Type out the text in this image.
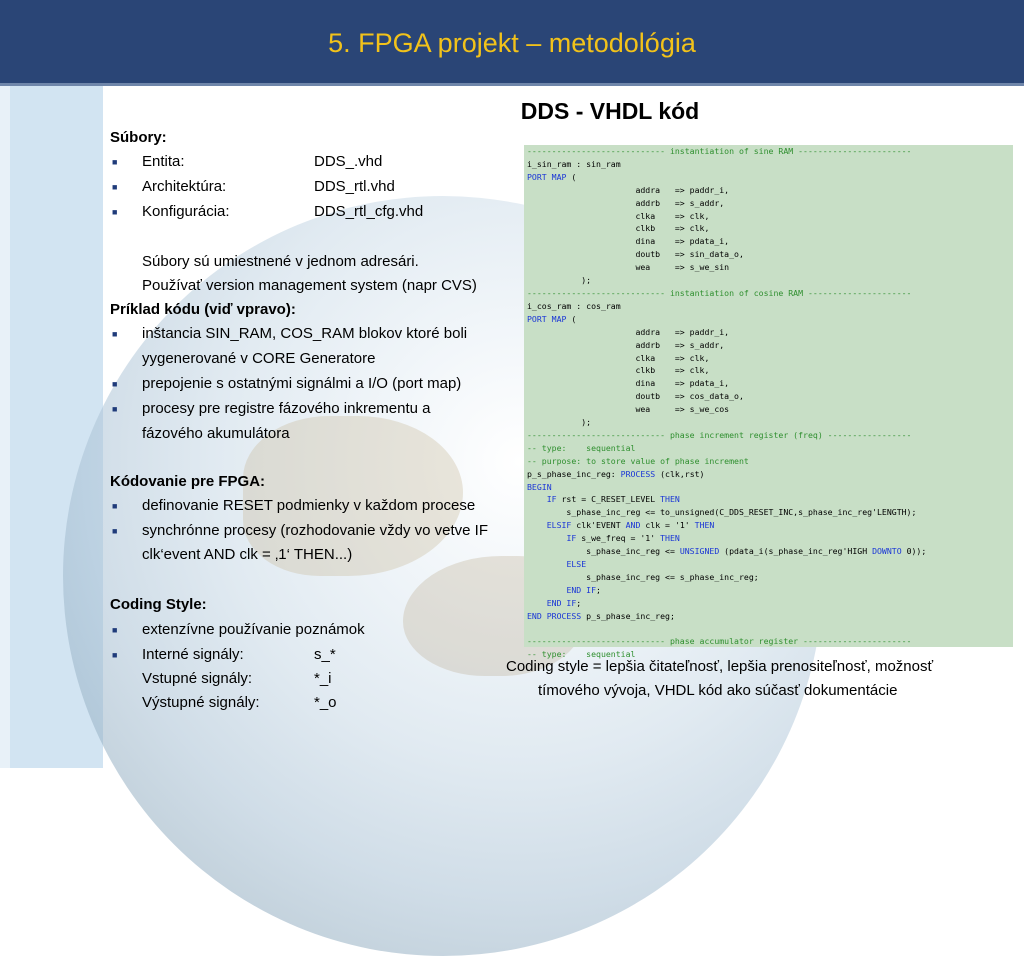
5. FPGA projekt – metodológia
DDS - VHDL kód
Súbory:
■ Entita:	DDS_.vhd
■ Architektúra:	DDS_rtl.vhd
■ Konfigurácia:	DDS_rtl_cfg.vhd
Súbory sú umiestnené v jednom adresári.
Používať version management system (napr CVS)
Príklad kódu (viď vpravo):
■ inštancia SIN_RAM, COS_RAM blokov ktoré boli
yygenerované v CORE Generatore
■ prepojenie s ostatnými signálmi a I/O (port map)
■ procesy pre registre fázového inkrementu a
fázového akumulátora
Kódovanie pre FPGA:
■ definovanie RESET podmienky v každom procese
■ synchrónne procesy (rozhodovanie vždy vo vetve IF
clk‘event AND clk = ‚1‘ THEN...)
Coding Style:
■ extenzívne používanie poznámok
■ Interné signály:	s_*
Vstupné signály:	*_i
Výstupné signály:	*_o
---------------------------- instantiation of sine RAM -----------------------
i_sin_ram : sin_ram
PORT MAP (
addra   => paddr_i,
addrb   => s_addr,
clka    => clk,
clkb    => clk,
dina    => pdata_i,
doutb   => sin_data_o,
wea     => s_we_sin
);
---------------------------- instantiation of cosine RAM ---------------------
i_cos_ram : cos_ram
PORT MAP (
addra   => paddr_i,
addrb   => s_addr,
clka    => clk,
clkb    => clk,
dina    => pdata_i,
doutb   => cos_data_o,
wea     => s_we_cos
);
---------------------------- phase increment register (freq) -----------------
-- type:    sequential
-- purpose: to store value of phase increment
p_s_phase_inc_reg: PROCESS (clk,rst)
BEGIN
IF rst = C_RESET_LEVEL THEN
s_phase_inc_reg <= to_unsigned(C_DDS_RESET_INC,s_phase_inc_reg'LENGTH);
ELSIF clk'EVENT AND clk = '1' THEN
IF s_we_freq = '1' THEN
s_phase_inc_reg <= UNSIGNED (pdata_i(s_phase_inc_reg'HIGH DOWNTO 0));
ELSE
s_phase_inc_reg <= s_phase_inc_reg;
END IF;
END IF;
END PROCESS p_s_phase_inc_reg;

---------------------------- phase accumulator register ----------------------
-- type:    sequential
Coding style = lepšia čitateľnosť, lepšia prenositeľnosť, možnosť
tímového vývoja, VHDL kód ako súčasť dokumentácie
